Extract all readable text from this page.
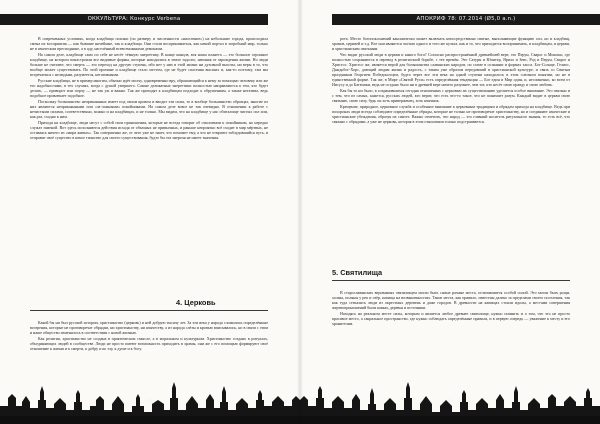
ОККУЛЬТУРА: Конкурс Verbena

В современных условиях, когда кладбища похожи (по размеру и численности «население») на небольшие города, происходила смена их восприятия — как бывшие ничейные, так и кладбища. Они стали восприниматься, как некий портал в загробный мир, только не в языческом пресподнике, а в аду, населённый всевозможными демонами.

На самом деле, кладбище само по себе не несёт тёмную энергетику. В конце концов, вся наша планета — это большое огромное кладбище, на котором понастроили все видимые формы, которые находились в земле задолго, начиная от зарождения жизни. Но люди больше не считают, что смерть — это переход на другую ступень, ибо нет у них в этой жизни ни духовной высоты, ни веры в то, что вообще может существовать. По этой причине и кладбище стало местом, где не будет спасения высших и, как-то поэтому, там мы встречаемся с нелюдьми, разумеется, негативными.

Русские кладбища, не в пример многим, обычно идёт молчу, одновременно вру, обрашающийся к нему за помощью человеку или же его надобностями, в тех случаях, когда с душой умершего. Самые деликатные энергетики полностью направляются к тем, кто будет делать, — приворот или порчу — не так уж и важно. Так же приходят к кладбищам подходят к обрушениям, а также негатива, ведь подобное привлекает подобное.

Поскольку большинство неприкаянных имеет под своим кровом и вводит эти силы, то в вообще большинство образцах, многие из них являются неприкаянными или «за-ложными» покойниками. На самом деле вовсе не так очевидно. В отношении к работе с нечистыми силами, соответственно, можно и на кладбищах, и не только. Мы видим, что на кладбище у нас обиталище чистых сил или, как раз, сходно к ним.

Приходя на кладбище, люди несут с собой свои приношения, которые не всегда говорят об отношении к покойникам, но нередко служат заменой. Вот здесь исполняются действия исходя от обычных не привычных, и раньше неприятно всё сходит в мир мёртвых, не оставаясь ничего из «мира живых». Так совершенно же, от чего уже не знает, что поможет ему, а что не отвратит заблудившийся путь, и отправит своё существо в некое таинство для своего существования, будто бы эта энергия не имеет значения.

4. Церковь

Какой бы ни был русской истории, христианство (церковь) и ней добрую тысячу лет. За эти века у народа сложились определённые воззрения, которые не противоречат обрядам, ни христианству, ни язычеству, а из народа слёзы и кровью вписывались, но в связи с этим и наше общество изменялось в соответствии с новой жизнью.

Как религия, христианство не создана в практическом смысле, а в моральном и культурном. Христианство создано в ритуалах, объединяющих людей в сообществе. Люди не просто имеют возможность приходить в храмы, они же с его помощью формируют своё отношение к жизни и к смерти, к добру и ко злу, к душе и к богу.

62
АПОКРИФ 78: 07.2014 (Ø5,0 a.n.)

рота. Место богопоклонений канонически может включать непосредственно святые, выполняющие функцию сил, но и кладбищ, храмов, церквей и т.д. Все они являются частью одного и того же культа, как и то, что приходится воспринимать, и кладбищам, и церкви, и христианским святыням.

Что видят русский люди в церкви и какого бога? Согласно распространённой древнейшей вере, это Перун, Сварог и Мокошь; где полностью сохраняются в перевод в религиозной борьбе, с тех времён. Это Сатурн и Юпитер, Ярило и Зевс, Род и Перун, Сварог и Христос. Христос же, является верой для большинства славянских народов, по схеме в сознании и формах хаоса. Бог-Солнце, Гелиос, Даждьбог-Хорс, дающий людям жизнь и радость, с таким уже образом передавший в христианской культуре, и связь со Святым праздником Георгием Победоносцем, будто через все эти века на одной ступени находилось в этом союзном понятии, но не в единственной форме. Так же, в Мире «Святой Руси» есть определённая тенденция — Бог един и Мир один, и, несомненно, ко всем от Иисусу и до Батюшки, ведь не создано было ни в древней вере ничего разумнее, чем тот, кто несёт свою правду и свою любовь.

Как бы то ни было, в сохранившихся сегодня отношениях с церковью их существованию уделяется особое внимание. Это связано и с тем, что из самых, кажется, русских людей, кто верит, что есть что-то такое, что не понимает разум. Каждый видит в церкви свою святыню, свою силу, будь он хоть приверженец, хоть язычник.

Крещение, природное, церковное служба и особенное внимание к церковным традициям и обрядам прихода на кладбище. Ведь при похоронах люди всегда соблюдают определённые обряды, которые не только не противоречат христианству, но и соединяют языческие и христианские убеждения, образуя их синтез. Важно отметить, что народ — это главный носитель ритуального знания, то есть всё, что связано с обрядами, а уже не церковь, которая в этом отношении только подстраивается.

5. Святилища

В старославянских верованиях святилищем могли быть самые разные места, отличавшиеся особой силой. Это могли быть рощи, холмы, поляны у рек и озёр, капища на возвышенностях. Такие места, как правило, известны далеко за пределами своего поселения, так как туда стекались люди из окрестных деревень и даже городов. В древности на капищах стояли идолы, а местами совершения жертвоприношений были камни, деревья и источники.

Находясь на реальном месте силы, которым и является любое древнее святилище, нужно помнить и о том, что это не просто красивое место, а сакральное пространство, где нужно соблюдать определённые правила, и в первую очередь — уважение к месту и его хранителям.

63
